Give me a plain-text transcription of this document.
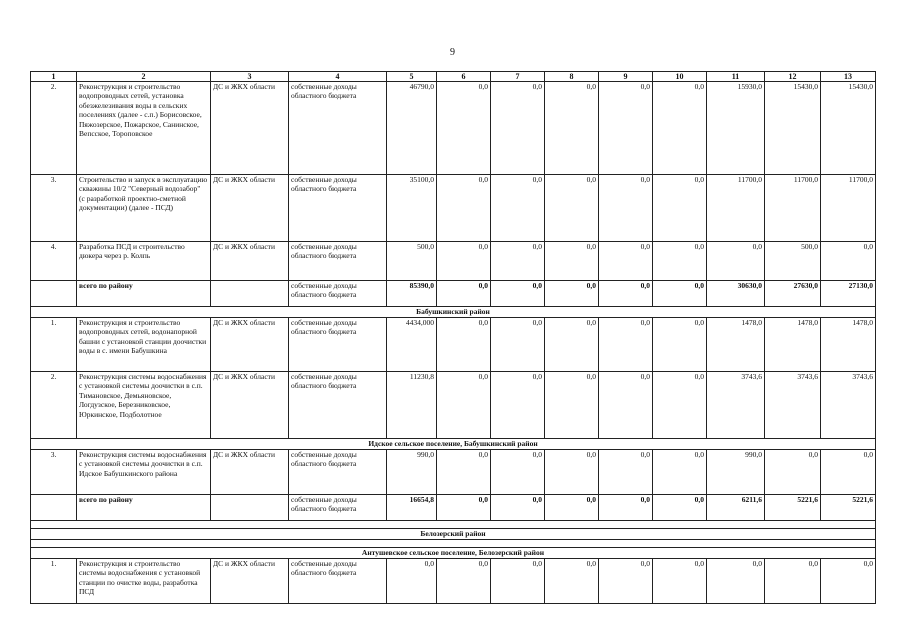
9
1	2	3	4	5	6	7	8	9	10	11	12	13
2.	Реконструкция и строительство водопроводных сетей, установка обезжелезивания воды в сельских поселениях (далее - с.п.) Борисовское, Пяжозерское, Пожарское, Санинское, Вепсское, Тороповское	ДС и ЖКХ области	собственные доходы областного бюджета	46790,0	0,0	0,0	0,0	0,0	0,0	15930,0	15430,0	15430,0
3.	Строительство и запуск в эксплуатацию скважины 10/2 "Северный водозабор" (с разработкой проектно-сметной документации) (далее - ПСД)	ДС и ЖКХ области	собственные доходы областного бюджета	35100,0	0,0	0,0	0,0	0,0	0,0	11700,0	11700,0	11700,0
4.	Разработка ПСД и строительство дюкера через р. Колпь	ДС и ЖКХ области	собственные доходы областного бюджета	500,0	0,0	0,0	0,0	0,0	0,0	0,0	500,0	0,0
	всего по району		собственные доходы областного бюджета	85390,0	0,0	0,0	0,0	0,0	0,0	30630,0	27630,0	27130,0
Бабушкинский район												
1.	Реконструкция и строительство водопроводных сетей, водонапорной башни с установкой станции доочистки воды в с. имени Бабушкина	ДС и ЖКХ области	собственные доходы областного бюджета	4434,000	0,0	0,0	0,0	0,0	0,0	1478,0	1478,0	1478,0
2.	Реконструкция системы водоснабжения с установкой системы доочистки в с.п. Тимановское, Демьяновское, Логдузское, Березниковское, Юркинское, Подболотное	ДС и ЖКХ области	собственные доходы областного бюджета	11230,8	0,0	0,0	0,0	0,0	0,0	3743,6	3743,6	3743,6
Идское сельское поселение, Бабушкинский район												
3.	Реконструкция системы водоснабжения с установкой системы доочистки в с.п. Идское Бабушкинского района	ДС и ЖКХ области	собственные доходы областного бюджета	990,0	0,0	0,0	0,0	0,0	0,0	990,0	0,0	0,0
	всего по району		собственные доходы областного бюджета	16654,8	0,0	0,0	0,0	0,0	0,0	6211,6	5221,6	5221,6

Белозерский район												

Антушевское сельское поселение, Белозерский район												
1.	Реконструкция и строительство системы водоснабжения с установкой станции по очистке воды, разработка ПСД	ДС и ЖКХ области	собственные доходы областного бюджета	0,0	0,0	0,0	0,0	0,0	0,0	0,0	0,0	0,0
